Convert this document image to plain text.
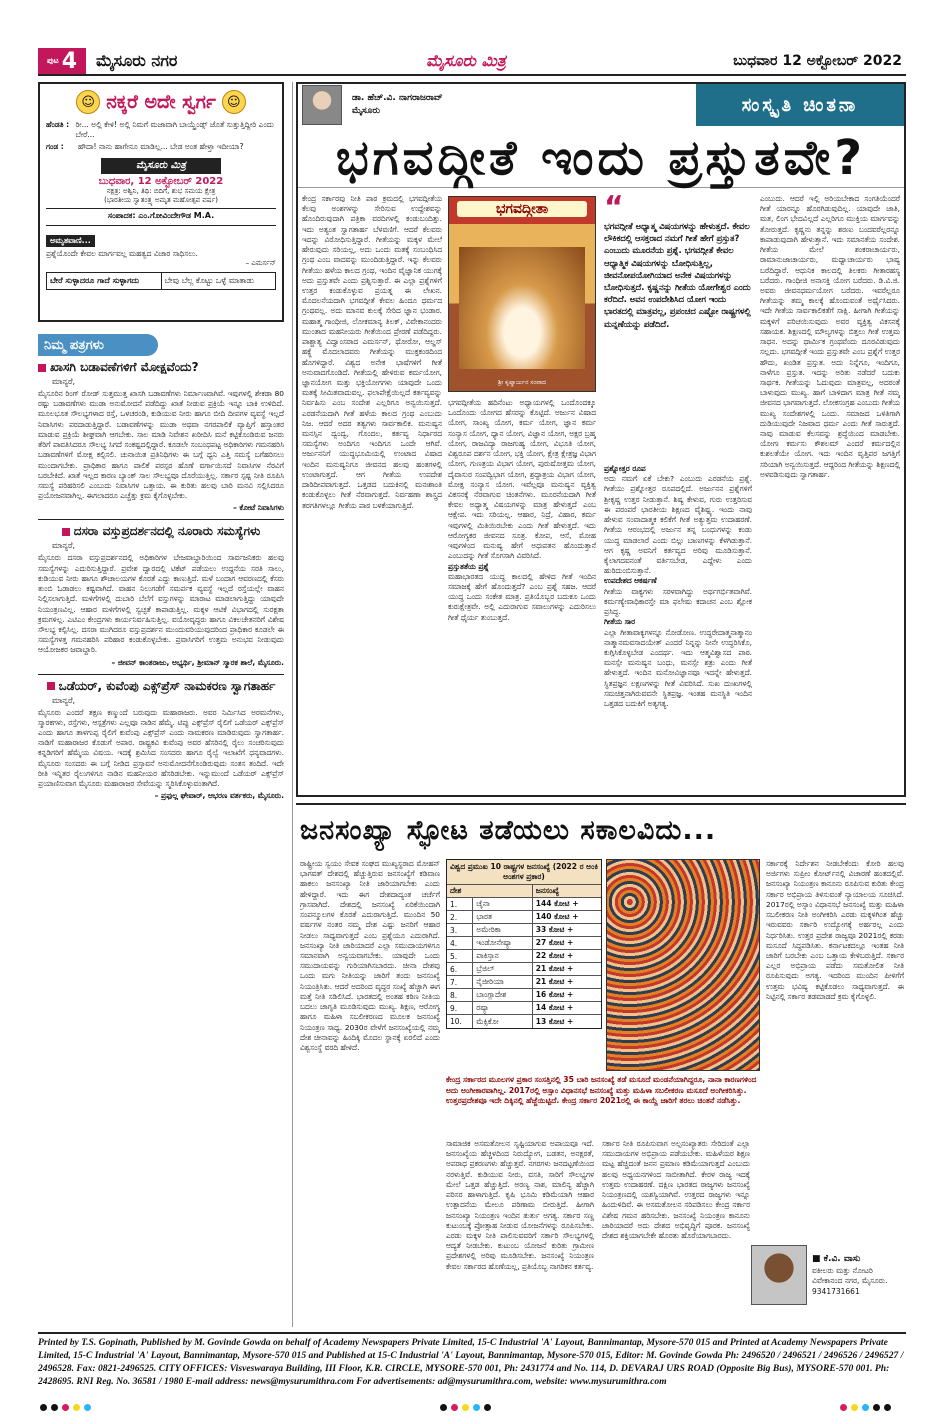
ಪುಟ 4 ಮೈಸೂರು ನಗರ	ಮೈಸೂರು ಮಿತ್ರ	ಬುಧವಾರ 12 ಅಕ್ಟೋಬರ್ 2022
☺ ನಕ್ಕರೆ ಅದೇ ಸ್ವರ್ಗ ☺
ಹೆಂಡತಿ : ರೀ... ಅಲ್ಲಿ ಕೇಳಿ! ಅಲ್ಲಿ ನಿಮಗೆ ಮಜಾವಾಗಿ ಬಾಯ್ಫ್ರೆಂಡ್ಸ್ ಜೊತೆ ಸುತ್ತುತ್ತಿದ್ದೀರಿ ಎಂದು ಬೇರೆ...
ಗಂಡ :	ಹೌದಾ! ನಾನು ಹಾಗೇನೂ ಮಾಡಿಲ್ಲ... ಬೇಡ ಅಂತ ಹೇಳ್ತಾ ಇದೀಯಾ?
ಮೈಸೂರು ಮಿತ್ರ
ಬುಧವಾರ, 12 ಅಕ್ಟೋಬರ್ 2022
ನಕ್ಷತ್ರ: ಅಶ್ವಿನಿ, ತಿಥಿ: ಬಿದಿಗೆ, ಶುಭ ಸಮಯ ಕ್ಷೇತ್ರ
(ಭಾರತೀಯ ಸ್ವಾತಂತ್ರ್ಯ ಅಮೃತ ಮಹೋತ್ಸವ ವರ್ಷ)
ಸಂಪಾದಕ: ಎಂ.ಗೋವಿಂದೇಗೌಡ M.A.
ಅಮೃತವಾಣಿ...
ಪ್ರಶ್ನೆಯೊಂದೇ ಕೇವಲ ಮಾರ್ಗವಲ್ಲ ಮಹತ್ವದ ವಿಚಾರ ಸಾಧಿಸಲು.
– ಎಮರ್ಸನ್
ಬೇರೆ ಸುಳ್ಳಾದರೂ ಗಾದೆ ಸುಳ್ಳಾಗದು	ಬೇವು ಬೆಲ್ಲ ಕೊಟ್ಟು ಒಳ್ಳೆ ಮಾತಾಡು
ನಿಮ್ಮ ಪತ್ರಗಳು
ಖಾಸಗಿ ಬಡಾವಣೆಗಳಿಗೆ ಮೋಕ್ಷವೆಂದು?
ಮಾನ್ಯರೆ,
ಮೈಸೂರಿನ ರಿಂಗ್ ರೋಡ್ ಸುತ್ತಮುತ್ತ ಖಾಸಗಿ ಬಡಾವಣೆಗಳು ನಿರ್ಮಾಣವಾಗಿವೆ. ಇವುಗಳಲ್ಲಿ ಶೇಕಡಾ 80 ರಷ್ಟು ಬಡಾವಣೆಗಳು ಮುಡಾ ಅನುಮೋದನೆ ಪಡೆದಿದ್ದು ಖಾತೆ ನೀಡುವ ಪ್ರಕ್ರಿಯೆ ಇನ್ನೂ ಬಾಕಿ ಉಳಿದಿದೆ. ಮೂಲಭೂತ ಸೌಲಭ್ಯಗಳಾದ ರಸ್ತೆ, ಒಳಚರಂಡಿ, ಕುಡಿಯುವ ನೀರು ಹಾಗೂ ಬೀದಿ ದೀಪಗಳ ವ್ಯವಸ್ಥೆ ಇಲ್ಲದೆ ನಿವಾಸಿಗಳು ಪರದಾಡುತ್ತಿದ್ದಾರೆ. ಬಡಾವಣೆಗಳನ್ನು ಮುಡಾ ಅಥವಾ ನಗರಪಾಲಿಕೆ ವ್ಯಾಪ್ತಿಗೆ ಹಸ್ತಾಂತರ ಮಾಡುವ ಪ್ರಕ್ರಿಯೆ ಶೀಘ್ರವಾಗಿ ಆಗಬೇಕು. ಸಾಲ ಮಾಡಿ ನಿವೇಶನ ಖರೀದಿಸಿ ಮನೆ ಕಟ್ಟಿಕೊಂಡಿರುವ ಜನರು ತೆರಿಗೆ ಪಾವತಿಸಿದರೂ ಸೌಲಭ್ಯ ಸಿಗದೆ ಸಂಕಷ್ಟದಲ್ಲಿದ್ದಾರೆ. ಕೂಡಲೇ ಸಂಬಂಧಪಟ್ಟ ಅಧಿಕಾರಿಗಳು ಗಮನಹರಿಸಿ ಬಡಾವಣೆಗಳಿಗೆ ಮೋಕ್ಷ ಕಲ್ಪಿಸಲಿ. ಚುನಾಯಿತ ಪ್ರತಿನಿಧಿಗಳು ಈ ಬಗ್ಗೆ ಧ್ವನಿ ಎತ್ತಿ ಸಮಸ್ಯೆ ಬಗೆಹರಿಸಲು ಮುಂದಾಗಬೇಕು. ಪ್ರಾಧಿಕಾರ ಹಾಗೂ ಪಾಲಿಕೆ ಪರಸ್ಪರ ಹೊಣೆ ವರ್ಗಾಯಿಸದೆ ನಿವಾಸಿಗಳ ನೆರವಿಗೆ ಬರಬೇಕಿದೆ. ಖಾತೆ ಇಲ್ಲದ ಕಾರಣ ಬ್ಯಾಂಕ್ ಸಾಲ ಸೌಲಭ್ಯವೂ ದೊರೆಯುತ್ತಿಲ್ಲ. ಸರ್ಕಾರ ಸ್ಪಷ್ಟ ನೀತಿ ರೂಪಿಸಿ ಸಮಸ್ಯೆ ಪರಿಹರಿಸಲಿ ಎಂಬುದು ನಿವಾಸಿಗಳ ಒತ್ತಾಯ. ಈ ಕುರಿತು ಹಲವು ಬಾರಿ ಮನವಿ ಸಲ್ಲಿಸಿದರೂ ಪ್ರಯೋಜನವಾಗಿಲ್ಲ. ಈಗಲಾದರೂ ಎಚ್ಚೆತ್ತು ಕ್ರಮ ಕೈಗೊಳ್ಳಬೇಕು.
– ಕೋಟೆ ನಿವಾಸಿಗಳು
ದಸರಾ ವಸ್ತುಪ್ರದರ್ಶನದಲ್ಲಿ ನೂರಾರು ಸಮಸ್ಯೆಗಳು
ಮಾನ್ಯರೆ,
ಮೈಸೂರು ದಸರಾ ವಸ್ತುಪ್ರದರ್ಶನದಲ್ಲಿ ಅಧಿಕಾರಿಗಳ ಬೇಜವಾಬ್ದಾರಿಯಿಂದ ಸಾರ್ವಜನಿಕರು ಹಲವು ಸಮಸ್ಯೆಗಳನ್ನು ಎದುರಿಸುತ್ತಿದ್ದಾರೆ. ಪ್ರವೇಶ ದ್ವಾರದಲ್ಲಿ ಟಿಕೆಟ್ ಪಡೆಯಲು ಉದ್ದನೆಯ ಸರತಿ ಸಾಲು, ಕುಡಿಯುವ ನೀರು ಹಾಗೂ ಶೌಚಾಲಯಗಳ ಕೊರತೆ ಎದ್ದು ಕಾಣುತ್ತಿದೆ. ಮಳೆ ಬಂದಾಗ ಆವರಣದಲ್ಲಿ ಕೆಸರು ತುಂಬಿ ಓಡಾಡಲು ಕಷ್ಟವಾಗಿದೆ. ವಾಹನ ನಿಲುಗಡೆಗೆ ಸಮರ್ಪಕ ವ್ಯವಸ್ಥೆ ಇಲ್ಲದೆ ರಸ್ತೆಯಲ್ಲೇ ವಾಹನ ನಿಲ್ಲಿಸಲಾಗುತ್ತಿದೆ. ಮಳಿಗೆಗಳಲ್ಲಿ ದುಬಾರಿ ಬೆಲೆಗೆ ವಸ್ತುಗಳನ್ನು ಮಾರಾಟ ಮಾಡಲಾಗುತ್ತಿದ್ದು ಯಾವುದೇ ನಿಯಂತ್ರಣವಿಲ್ಲ. ಆಹಾರ ಮಳಿಗೆಗಳಲ್ಲಿ ಸ್ವಚ್ಛತೆ ಕಾಪಾಡುತ್ತಿಲ್ಲ. ಮಕ್ಕಳ ಆಟಿಕೆ ವಿಭಾಗದಲ್ಲಿ ಸುರಕ್ಷತಾ ಕ್ರಮಗಳಿಲ್ಲ. ಎಟಿಎಂ ಕೇಂದ್ರಗಳು ಕಾರ್ಯನಿರ್ವಹಿಸುತ್ತಿಲ್ಲ. ವಯೋವೃದ್ಧರು ಹಾಗೂ ವಿಕಲಚೇತನರಿಗೆ ವಿಶೇಷ ಸೌಲಭ್ಯ ಕಲ್ಪಿಸಿಲ್ಲ. ದಸರಾ ಮುಗಿದರೂ ವಸ್ತುಪ್ರದರ್ಶನ ಮುಂದುವರಿಯುವುದರಿಂದ ಪ್ರಾಧಿಕಾರ ಕೂಡಲೇ ಈ ಸಮಸ್ಯೆಗಳತ್ತ ಗಮನಹರಿಸಿ ಪರಿಹಾರ ಕಂಡುಕೊಳ್ಳಬೇಕು. ಪ್ರವಾಸಿಗರಿಗೆ ಉತ್ತಮ ಅನುಭವ ನೀಡುವುದು ಆಯೋಜಕರ ಜವಾಬ್ದಾರಿ.
– ಜೀವನ್ ಕಾಂತರಾಜು, ಅಭ್ಯರ್ಥಿ, ಶ್ರೀಮಾನ್ ಸ್ಮಾರಕ ಶಾಲೆ, ಮೈಸೂರು.
ಒಡೆಯರ್, ಕುವೆಂಪು ಎಕ್ಸ್‌ಪ್ರೆಸ್ ನಾಮಕರಣ ಸ್ವಾಗತಾರ್ಹ
ಮಾನ್ಯರೆ,
ಮೈಸೂರು ಎಂದರೆ ತಕ್ಷಣ ಕಣ್ಮುಂದೆ ಬರುವುದು ಮಹಾರಾಜರು. ಅವರ ನಿರ್ಮಿಸಿದ ಅರಮನೆಗಳು, ಸ್ಮಾರಕಗಳು, ರಸ್ತೆಗಳು, ಆಸ್ಪತ್ರೆಗಳು ಎಲ್ಲವೂ ನಾಡಿನ ಹೆಮ್ಮೆ. ಟಿಪ್ಪು ಎಕ್ಸ್‌ಪ್ರೆಸ್ ರೈಲಿಗೆ ಒಡೆಯರ್ ಎಕ್ಸ್‌ಪ್ರೆಸ್ ಎಂದು ಹಾಗೂ ತಾಳಗುಪ್ಪ ರೈಲಿಗೆ ಕುವೆಂಪು ಎಕ್ಸ್‌ಪ್ರೆಸ್ ಎಂದು ನಾಮಕರಣ ಮಾಡಿರುವುದು ಸ್ವಾಗತಾರ್ಹ. ನಾಡಿಗೆ ಮಹಾರಾಜರ ಕೊಡುಗೆ ಅಪಾರ. ರಾಷ್ಟ್ರಕವಿ ಕುವೆಂಪು ಅವರ ಹೆಸರಿನಲ್ಲಿ ರೈಲು ಸಂಚರಿಸುವುದು ಕನ್ನಡಿಗರಿಗೆ ಹೆಮ್ಮೆಯ ವಿಷಯ. ಇದಕ್ಕೆ ಶ್ರಮಿಸಿದ ಸಂಸದರು ಹಾಗೂ ರೈಲ್ವೆ ಇಲಾಖೆಗೆ ಧನ್ಯವಾದಗಳು. ಮೈಸೂರು ಸಂಸದರು ಈ ಬಗ್ಗೆ ನೀಡಿದ ಪ್ರಸ್ತಾವನೆ ಅನುಮೋದನೆಗೊಂಡಿರುವುದು ಸಂತಸ ತಂದಿದೆ. ಇದೇ ರೀತಿ ಇನ್ನಿತರ ರೈಲುಗಳಿಗೂ ನಾಡಿನ ಮಹನೀಯರ ಹೆಸರಿಡಬೇಕು. ಇನ್ನುಮುಂದೆ ಒಡೆಯರ್ ಎಕ್ಸ್‌ಪ್ರೆಸ್ ಪ್ರಯಾಣಿಸುವಾಗ ಮೈಸೂರು ಮಹಾರಾಜರ ಸೇವೆಯನ್ನು ಸ್ಮರಿಸಿಕೊಳ್ಳುವಂತಾಗಿದೆ.
– ಪ್ರಫುಲ್ಲ ಘೇವಾರ್, ಆಭರಣ ವರ್ತಕರು, ಮೈಸೂರು.
ಡಾ. ಹೆಚ್.ವಿ. ನಾಗರಾಜರಾವ್
ಮೈಸೂರು	ಸಂಸ್ಕೃತಿ ಚಿಂತನಾ
ಭಗವದ್ಗೀತೆ ಇಂದು ಪ್ರಸ್ತುತವೇ?
ಕೇಂದ್ರ ಸರ್ಕಾರವು ನೀತಿ ಪಾಠ ಕ್ರಮದಲ್ಲಿ ಭಗವದ್ಗೀತೆಯ ಕೆಲವು ಅಂಶಗಳನ್ನು ಸೇರಿಸುವ ಉದ್ದೇಶವನ್ನು ಹೊಂದಿರುವುದಾಗಿ ಪತ್ರಿಕಾ ವರದಿಗಳಲ್ಲಿ ಕಂಡುಬಂದಿತ್ತು. ಇದು ಅತ್ಯಂತ ಸ್ವಾಗತಾರ್ಹ ಬೆಳವಣಿಗೆ. ಆದರೆ ಕೆಲವರು ಇದನ್ನು ವಿರೋಧಿಸುತ್ತಿದ್ದಾರೆ. ಗೀತೆಯನ್ನು ಮಕ್ಕಳ ಮೇಲೆ ಹೇರುವುದು ಸರಿಯಲ್ಲ, ಅದು ಒಂದು ಮತಕ್ಕೆ ಸಂಬಂಧಿಸಿದ ಗ್ರಂಥ ಎಂಬ ವಾದವನ್ನು ಮುಂದಿಡುತ್ತಿದ್ದಾರೆ. ಇನ್ನು ಕೆಲವರು ಗೀತೆಯು ಹಳೆಯ ಕಾಲದ ಗ್ರಂಥ, ಇಂದಿನ ವೈಜ್ಞಾನಿಕ ಯುಗಕ್ಕೆ ಅದು ಪ್ರಸ್ತುತವೇ ಎಂದು ಪ್ರಶ್ನಿಸುತ್ತಾರೆ. ಈ ಎಲ್ಲಾ ಪ್ರಶ್ನೆಗಳಿಗೆ ಉತ್ತರ ಕಂಡುಕೊಳ್ಳುವ ಪ್ರಯತ್ನ ಈ ಲೇಖನ. ಮೊದಲನೆಯದಾಗಿ ಭಗವದ್ಗೀತೆ ಕೇವಲ ಹಿಂದೂ ಧರ್ಮದ ಗ್ರಂಥವಲ್ಲ. ಅದು ಮಾನವ ಕುಲಕ್ಕೆ ಸೇರಿದ ಜ್ಞಾನ ಭಂಡಾರ. ಮಹಾತ್ಮ ಗಾಂಧೀಜಿ, ಲೋಕಮಾನ್ಯ ತಿಲಕ್, ವಿವೇಕಾನಂದರು ಮುಂತಾದ ಮಹನೀಯರು ಗೀತೆಯಿಂದ ಪ್ರೇರಣೆ ಪಡೆದಿದ್ದರು. ಪಾಶ್ಚಾತ್ಯ ವಿದ್ವಾಂಸರಾದ ಎಮರ್ಸನ್, ಥೋರೋ, ಆಲ್ಡಸ್ ಹಕ್ಸ್ಲೆ ಮೊದಲಾದವರು ಗೀತೆಯನ್ನು ಮುಕ್ತಕಂಠದಿಂದ ಹೊಗಳಿದ್ದಾರೆ. ವಿಶ್ವದ ಅನೇಕ ಭಾಷೆಗಳಿಗೆ ಗೀತೆ ಅನುವಾದಗೊಂಡಿದೆ. ಗೀತೆಯಲ್ಲಿ ಹೇಳಿರುವ ಕರ್ಮಯೋಗ, ಜ್ಞಾನಯೋಗ ಮತ್ತು ಭಕ್ತಿಯೋಗಗಳು ಯಾವುದೇ ಒಂದು ಮತಕ್ಕೆ ಸೀಮಿತವಾದುವಲ್ಲ. ಫಲಾಪೇಕ್ಷೆಯಿಲ್ಲದೆ ಕರ್ತವ್ಯವನ್ನು ನಿರ್ವಹಿಸು ಎಂಬ ಸಂದೇಶ ಎಲ್ಲರಿಗೂ ಅನ್ವಯಿಸುತ್ತದೆ. ಎರಡನೆಯದಾಗಿ ಗೀತೆ ಹಳೆಯ ಕಾಲದ ಗ್ರಂಥ ಎಂಬುದು ನಿಜ. ಆದರೆ ಅದರ ತತ್ವಗಳು ಸಾರ್ವಕಾಲಿಕ. ಮನುಷ್ಯನ ಮನಸ್ಸಿನ ದ್ವಂದ್ವ, ಗೊಂದಲ, ಕರ್ತವ್ಯ ನಿರ್ಧಾರದ ಸಮಸ್ಯೆಗಳು ಅಂದಿಗೂ ಇಂದಿಗೂ ಒಂದೇ ಆಗಿವೆ. ಅರ್ಜುನನಿಗೆ ಯುದ್ಧಭೂಮಿಯಲ್ಲಿ ಉಂಟಾದ ವಿಷಾದ ಇಂದಿನ ಮನುಷ್ಯನಿಗೂ ಜೀವನದ ಹಲವು ಹಂತಗಳಲ್ಲಿ ಉಂಟಾಗುತ್ತದೆ. ಆಗ ಗೀತೆಯ ಉಪದೇಶ ದಾರಿದೀಪವಾಗುತ್ತದೆ. ಒತ್ತಡದ ಬದುಕಿನಲ್ಲಿ ಮನಃಶಾಂತಿ ಕಂಡುಕೊಳ್ಳಲು ಗೀತೆ ನೆರವಾಗುತ್ತದೆ. ನಿರ್ವಹಣಾ ಶಾಸ್ತ್ರದ ತರಗತಿಗಳಲ್ಲೂ ಗೀತೆಯ ಪಾಠ ಬಳಕೆಯಾಗುತ್ತಿದೆ.
ಭಗವದ್ಗೀತಾ
ಶ್ರೀ ಕೃಷ್ಣಾರ್ಜುನ ಸಂವಾದ
ಭಗವದ್ಗೀತೆಯ ಹದಿನೆಂಟು ಅಧ್ಯಾಯಗಳಲ್ಲಿ ಒಂದೊಂದಕ್ಕೂ ಒಂದೊಂದು ಯೋಗದ ಹೆಸರನ್ನು ಕೊಟ್ಟಿದೆ. ಅರ್ಜುನ ವಿಷಾದ ಯೋಗ, ಸಾಂಖ್ಯ ಯೋಗ, ಕರ್ಮ ಯೋಗ, ಜ್ಞಾನ ಕರ್ಮ ಸಂನ್ಯಾಸ ಯೋಗ, ಧ್ಯಾನ ಯೋಗ, ವಿಜ್ಞಾನ ಯೋಗ, ಅಕ್ಷರ ಬ್ರಹ್ಮ ಯೋಗ, ರಾಜವಿದ್ಯಾ ರಾಜಗುಹ್ಯ ಯೋಗ, ವಿಭೂತಿ ಯೋಗ, ವಿಶ್ವರೂಪ ದರ್ಶನ ಯೋಗ, ಭಕ್ತಿ ಯೋಗ, ಕ್ಷೇತ್ರ ಕ್ಷೇತ್ರಜ್ಞ ವಿಭಾಗ ಯೋಗ, ಗುಣತ್ರಯ ವಿಭಾಗ ಯೋಗ, ಪುರುಷೋತ್ತಮ ಯೋಗ, ದೈವಾಸುರ ಸಂಪದ್ವಿಭಾಗ ಯೋಗ, ಶ್ರದ್ಧಾತ್ರಯ ವಿಭಾಗ ಯೋಗ, ಮೋಕ್ಷ ಸಂನ್ಯಾಸ ಯೋಗ. ಇವೆಲ್ಲವೂ ಮನುಷ್ಯನ ವ್ಯಕ್ತಿತ್ವ ವಿಕಸನಕ್ಕೆ ನೆರವಾಗುವ ಚಿಂತನೆಗಳು. ಮೂರನೆಯದಾಗಿ ಗೀತೆ ಕೇವಲ ಅಧ್ಯಾತ್ಮ ವಿಷಯಗಳನ್ನು ಮಾತ್ರ ಹೇಳುತ್ತದೆ ಎಂಬ ಆಕ್ಷೇಪ. ಇದು ಸರಿಯಲ್ಲ. ಆಹಾರ, ನಿದ್ರೆ, ವಿಹಾರ, ಕರ್ಮ ಇವುಗಳಲ್ಲಿ ಮಿತಿಯಿರಬೇಕು ಎಂದು ಗೀತೆ ಹೇಳುತ್ತದೆ. ಇದು ಆರೋಗ್ಯಕರ ಜೀವನದ ಸೂತ್ರ. ಕೋಪ, ಆಸೆ, ಮೋಹ ಇವುಗಳಿಂದ ಮನುಷ್ಯ ಹೇಗೆ ಅಧಃಪತನ ಹೊಂದುತ್ತಾನೆ ಎಂಬುದನ್ನು ಗೀತೆ ಸೊಗಸಾಗಿ ವಿವರಿಸಿದೆ.
ಪ್ರಸ್ತುತತೆಯ ಪ್ರಶ್ನೆ
ಮಹಾಭಾರತದ ಯುದ್ಧ ಕಾಲದಲ್ಲಿ ಹೇಳಿದ ಗೀತೆ ಇಂದಿನ ಸಮಾಜಕ್ಕೆ ಹೇಗೆ ಹೊಂದುತ್ತದೆ? ಎಂಬ ಪ್ರಶ್ನೆ ಸಹಜ. ಆದರೆ ಯುದ್ಧ ಒಂದು ಸಂಕೇತ ಮಾತ್ರ. ಪ್ರತಿಯೊಬ್ಬರ ಬದುಕೂ ಒಂದು ಕುರುಕ್ಷೇತ್ರವೇ. ಅಲ್ಲಿ ಎದುರಾಗುವ ಸವಾಲುಗಳನ್ನು ಎದುರಿಸಲು ಗೀತೆ ಧೈರ್ಯ ತುಂಬುತ್ತದೆ.
“
ಭಗವದ್ಗೀತೆ ಅಧ್ಯಾತ್ಮ ವಿಷಯಗಳನ್ನು ಹೇಳುತ್ತದೆ. ಕೇವಲ ಲೌಕಿಕದಲ್ಲಿ ಆಸಕ್ತರಾದ ನಮಗೆ ಗೀತೆ ಹೇಗೆ ಪ್ರಸ್ತುತ? ಎಂಬುದು ಮೂರನೆಯ ಪ್ರಶ್ನೆ. ಭಗವದ್ಗೀತೆ ಕೇವಲ ಆಧ್ಯಾತ್ಮಿಕ ವಿಷಯಗಳನ್ನು ಬೋಧಿಸುತ್ತಿಲ್ಲ, ಜೀವನೋಪಯೋಗಿಯಾದ ಅನೇಕ ವಿಷಯಗಳನ್ನು ಬೋಧಿಸುತ್ತದೆ. ಕೃಷ್ಣನನ್ನು ಗೀತೆಯ ಯೋಗೇಶ್ವರ ಎಂದು ಕರೆದಿದೆ. ಅವನ ಉಪದೇಶಿಸಿದ ಯೋಗ ಇಂದು ಭಾರತದಲ್ಲಿ ಮಾತ್ರವಲ್ಲ, ಪ್ರಪಂಚದ ಎಷ್ಟೋ ರಾಷ್ಟ್ರಗಳಲ್ಲಿ ಮನ್ನಣೆಯನ್ನು ಪಡೆದಿದೆ.
ಪ್ರಶ್ನೋತ್ತರ ರೂಪ
ಅದು ನಮಗೆ ಏಕೆ ಬೇಕು? ಎಂಬುದು ಎರಡನೆಯ ಪ್ರಶ್ನೆ. ಗೀತೆಯು ಪ್ರಶ್ನೋತ್ತರ ರೂಪದಲ್ಲಿದೆ. ಅರ್ಜುನನ ಪ್ರಶ್ನೆಗಳಿಗೆ ಶ್ರೀಕೃಷ್ಣ ಉತ್ತರ ನೀಡುತ್ತಾನೆ. ಶಿಷ್ಯ ಕೇಳುವ, ಗುರು ಉತ್ತರಿಸುವ ಈ ಪರಂಪರೆ ಭಾರತೀಯ ಶಿಕ್ಷಣದ ವೈಶಿಷ್ಟ್ಯ. ಇಂದು ನಾವು ಹೇಳುವ ಸಂವಾದಾತ್ಮಕ ಕಲಿಕೆಗೆ ಗೀತೆ ಅತ್ಯುತ್ತಮ ಉದಾಹರಣೆ. ಗೀತೆಯ ಆರಂಭದಲ್ಲಿ ಅರ್ಜುನ ತನ್ನ ಬಂಧುಗಳನ್ನು ಕಂಡು ಯುದ್ಧ ಮಾಡಲಾರೆ ಎಂದು ಬಿಲ್ಲು ಬಾಣಗಳನ್ನು ಕೆಳಗಿಡುತ್ತಾನೆ. ಆಗ ಕೃಷ್ಣ ಅವನಿಗೆ ಕರ್ತವ್ಯದ ಅರಿವು ಮೂಡಿಸುತ್ತಾನೆ. ಕೈಲಾಗದವನಂತೆ ವರ್ತಿಸಬೇಡ, ಎದ್ದೇಳು ಎಂದು ಹುರಿದುಂಬಿಸುತ್ತಾನೆ.
ಉಪದೇಶದ ಆಕರ್ಷಣೆ
ಗೀತೆಯ ವಾಕ್ಯಗಳು ಸರಳವಾಗಿದ್ದು ಅರ್ಥಗರ್ಭಿತವಾಗಿವೆ. ಕರ್ಮಣ್ಯೇವಾಧಿಕಾರಸ್ತೇ ಮಾ ಫಲೇಷು ಕದಾಚನ ಎಂಬ ಶ್ಲೋಕ ಪ್ರಸಿದ್ಧ.
ಗೀತೆಯ ಸಾರ
ಎಲ್ಲಾ ಗೀತಾವಾಕ್ಯಗಳನ್ನೂ ನೋಡೋಣ. ಉದ್ಧರೇದಾತ್ಮನಾತ್ಮಾನಂ ನಾತ್ಮಾನಮವಸಾದಯೇತ್ ಎಂದರೆ ನಿನ್ನನ್ನು ನೀನೇ ಉದ್ಧರಿಸಿಕೊ, ಕುಗ್ಗಿಸಿಕೊಳ್ಳಬೇಡ ಎಂದರ್ಥ. ಇದು ಆತ್ಮವಿಶ್ವಾಸದ ಪಾಠ. ಮನಸ್ಸೇ ಮನುಷ್ಯನ ಬಂಧು, ಮನಸ್ಸೇ ಶತ್ರು ಎಂದು ಗೀತೆ ಹೇಳುತ್ತದೆ. ಇಂದಿನ ಮನೋವಿಜ್ಞಾನವೂ ಇದನ್ನೇ ಹೇಳುತ್ತದೆ. ಸ್ಥಿತಪ್ರಜ್ಞನ ಲಕ್ಷಣಗಳನ್ನು ಗೀತೆ ವಿವರಿಸಿದೆ. ಸುಖ ದುಃಖಗಳಲ್ಲಿ ಸಮಚಿತ್ತನಾಗಿರುವವನೇ ಸ್ಥಿತಪ್ರಜ್ಞ. ಇಂತಹ ಮನಸ್ಥಿತಿ ಇಂದಿನ ಒತ್ತಡದ ಬದುಕಿಗೆ ಅತ್ಯಗತ್ಯ.
ಎಂಬುದು. ಆದರೆ ಇಲ್ಲಿ ಅರಿಯಬೇಕಾದ ಸಂಗತಿಯೆಂದರೆ ಗೀತೆ ಯಾರನ್ನೂ ಹೊರಗಿಡುವುದಿಲ್ಲ. ಯಾವುದೇ ಜಾತಿ, ಮತ, ಲಿಂಗ ಭೇದವಿಲ್ಲದೆ ಎಲ್ಲರಿಗೂ ಮುಕ್ತಿಯ ಮಾರ್ಗವನ್ನು ತೋರುತ್ತದೆ. ಕೃಷ್ಣನು ತನ್ನನ್ನು ಶರಣು ಬಂದವರೆಲ್ಲರನ್ನೂ ಕಾಪಾಡುವುದಾಗಿ ಹೇಳುತ್ತಾನೆ. ಇದು ಸಮಾನತೆಯ ಸಂದೇಶ. ಗೀತೆಯ ಮೇಲೆ ಶಂಕರಾಚಾರ್ಯರು, ರಾಮಾನುಜಾಚಾರ್ಯರು, ಮಧ್ವಾಚಾರ್ಯರು ಭಾಷ್ಯ ಬರೆದಿದ್ದಾರೆ. ಆಧುನಿಕ ಕಾಲದಲ್ಲಿ ತಿಲಕರು ಗೀತಾರಹಸ್ಯ ಬರೆದರು. ಗಾಂಧೀಜಿ ಅನಾಸಕ್ತಿ ಯೋಗ ಬರೆದರು. ಡಿ.ವಿ.ಜಿ. ಅವರು ಜೀವನಧರ್ಮಯೋಗ ಬರೆದರು. ಇವರೆಲ್ಲರೂ ಗೀತೆಯನ್ನು ತಮ್ಮ ಕಾಲಕ್ಕೆ ಹೊಂದುವಂತೆ ಅರ್ಥೈಸಿದರು. ಇದೇ ಗೀತೆಯ ಸಾರ್ವಕಾಲಿಕತೆಗೆ ಸಾಕ್ಷಿ. ಹೀಗಾಗಿ ಗೀತೆಯನ್ನು ಮಕ್ಕಳಿಗೆ ಪರಿಚಯಿಸುವುದು ಅವರ ವ್ಯಕ್ತಿತ್ವ ವಿಕಸನಕ್ಕೆ ಸಹಾಯಕ. ಶಿಕ್ಷಣದಲ್ಲಿ ಮೌಲ್ಯಗಳನ್ನು ಬಿತ್ತಲು ಗೀತೆ ಉತ್ತಮ ಸಾಧನ. ಅದನ್ನು ಧಾರ್ಮಿಕ ಗ್ರಂಥವೆಂದು ದೂರವಿಡುವುದು ಸಲ್ಲದು. ಭಗವದ್ಗೀತೆ ಇಂದು ಪ್ರಸ್ತುತವೇ ಎಂಬ ಪ್ರಶ್ನೆಗೆ ಉತ್ತರ ಹೌದು, ಖಂಡಿತ ಪ್ರಸ್ತುತ. ಅದು ನಿನ್ನೆಗೂ, ಇಂದಿಗೂ, ನಾಳೆಗೂ ಪ್ರಸ್ತುತ. ಇದನ್ನು ಅರಿತು ನಡೆದರೆ ಬದುಕು ಸಾರ್ಥಕ. ಗೀತೆಯನ್ನು ಓದುವುದು ಮಾತ್ರವಲ್ಲ, ಅದರಂತೆ ಬಾಳುವುದು ಮುಖ್ಯ. ಹಾಗೆ ಬಾಳಿದಾಗ ಮಾತ್ರ ಗೀತೆ ನಮ್ಮ ಜೀವನದ ಭಾಗವಾಗುತ್ತದೆ. ಲೋಕಸಂಗ್ರಹ ಎಂಬುದು ಗೀತೆಯ ಮುಖ್ಯ ಸಂದೇಶಗಳಲ್ಲಿ ಒಂದು. ಸಮಾಜದ ಒಳಿತಿಗಾಗಿ ದುಡಿಯುವುದೇ ನಿಜವಾದ ಧರ್ಮ ಎಂದು ಗೀತೆ ಸಾರುತ್ತದೆ. ನಾವು ಮಾಡುವ ಕೆಲಸವನ್ನು ಶ್ರದ್ಧೆಯಿಂದ ಮಾಡಬೇಕು. ಯೋಗಃ ಕರ್ಮಸು ಕೌಶಲಮ್ ಎಂದರೆ ಕರ್ಮದಲ್ಲಿನ ಕುಶಲತೆಯೇ ಯೋಗ. ಇದು ಇಂದಿನ ವೃತ್ತಿಪರ ಜಗತ್ತಿಗೆ ಸರಿಯಾಗಿ ಅನ್ವಯಿಸುತ್ತದೆ. ಆದ್ದರಿಂದ ಗೀತೆಯನ್ನು ಶಿಕ್ಷಣದಲ್ಲಿ ಅಳವಡಿಸುವುದು ಸ್ವಾಗತಾರ್ಹ.
ಜನಸಂಖ್ಯಾ ಸ್ಫೋಟ ತಡೆಯಲು ಸಕಾಲವಿದು...
ರಾಷ್ಟ್ರೀಯ ಸ್ವಯಂ ಸೇವಕ ಸಂಘದ ಮುಖ್ಯಸ್ಥರಾದ ಮೋಹನ್ ಭಾಗವತ್ ದೇಶದಲ್ಲಿ ಹೆಚ್ಚುತ್ತಿರುವ ಜನಸಂಖ್ಯೆಗೆ ಕಡಿವಾಣ ಹಾಕಲು ಜನಸಂಖ್ಯಾ ನೀತಿ ಜಾರಿಯಾಗಬೇಕು ಎಂದು ಹೇಳಿದ್ದಾರೆ. ಇದು ಈಗ ದೇಶದಾದ್ಯಂತ ಚರ್ಚೆಗೆ ಗ್ರಾಸವಾಗಿದೆ. ದೇಶದಲ್ಲಿ ಜನಸಂಖ್ಯೆ ಏರಿಕೆಯಿಂದಾಗಿ ಸಂಪನ್ಮೂಲಗಳ ಕೊರತೆ ಎದುರಾಗುತ್ತಿದೆ. ಮುಂದಿನ 50 ವರ್ಷಗಳ ನಂತರ ನಮ್ಮ ದೇಶ ಎಷ್ಟು ಜನರಿಗೆ ಆಹಾರ ನೀಡಲು ಸಾಧ್ಯವಾಗುತ್ತದೆ ಎಂಬ ಪ್ರಶ್ನೆಯೂ ಎದುರಾಗಿದೆ. ಜನಸಂಖ್ಯಾ ನೀತಿ ಜಾರಿಯಾದರೆ ಎಲ್ಲಾ ಸಮುದಾಯಗಳಿಗೂ ಸಮಾನವಾಗಿ ಅನ್ವಯವಾಗಬೇಕು. ಯಾವುದೇ ಒಂದು ಸಮುದಾಯವನ್ನು ಗುರಿಯಾಗಿಸಬಾರದು. ಚೀನಾ ದೇಶವು ಒಂದು ಮಗು ನೀತಿಯನ್ನು ಜಾರಿಗೆ ತಂದು ಜನಸಂಖ್ಯೆ ನಿಯಂತ್ರಿಸಿತು. ಆದರೆ ಅದರಿಂದ ವೃದ್ಧರ ಸಂಖ್ಯೆ ಹೆಚ್ಚಾಗಿ ಈಗ ಮತ್ತೆ ನೀತಿ ಸಡಿಲಿಸಿದೆ. ಭಾರತದಲ್ಲಿ ಅಂತಹ ಕಠಿಣ ನೀತಿಯ ಬದಲು ಜಾಗೃತಿ ಮೂಡಿಸುವುದು ಮುಖ್ಯ. ಶಿಕ್ಷಣ, ಆರೋಗ್ಯ ಹಾಗೂ ಮಹಿಳಾ ಸಬಲೀಕರಣದ ಮೂಲಕ ಜನಸಂಖ್ಯೆ ನಿಯಂತ್ರಣ ಸಾಧ್ಯ. 2030ರ ವೇಳೆಗೆ ಜನಸಂಖ್ಯೆಯಲ್ಲಿ ನಮ್ಮ ದೇಶ ಚೀನಾವನ್ನು ಹಿಂದಿಕ್ಕಿ ಮೊದಲ ಸ್ಥಾನಕ್ಕೆ ಏರಲಿದೆ ಎಂದು ವಿಶ್ವಸಂಸ್ಥೆ ವರದಿ ಹೇಳಿದೆ.
ವಿಶ್ವದ ಪ್ರಮುಖ 10 ರಾಷ್ಟ್ರಗಳ ಜನಸಂಖ್ಯೆ (2022 ರ ಅಂಕಿ ಅಂಶಗಳ ಪ್ರಕಾರ)
ದೇಶ		ಜನಸಂಖ್ಯೆ
1.	ಚೈನಾ	144 ಕೋಟಿ +
2.	ಭಾರತ	140 ಕೋಟಿ +
3.	ಅಮೇರಿಕಾ	33 ಕೋಟಿ +
4.	ಇಂಡೋನೇಷ್ಯಾ	27 ಕೋಟಿ +
5.	ಪಾಕಿಸ್ತಾನ	22 ಕೋಟಿ +
6.	ಬ್ರೆಜಿಲ್	21 ಕೋಟಿ +
7.	ನೈಜೀರಿಯಾ	21 ಕೋಟಿ +
8.	ಬಾಂಗ್ಲಾದೇಶ	16 ಕೋಟಿ +
9.	ರಷ್ಯಾ	14 ಕೋಟಿ +
10.	ಮೆಕ್ಸಿಕೋ	13 ಕೋಟಿ +
ಕೇಂದ್ರ ಸರ್ಕಾರದ ಮೂಲಗಳ ಪ್ರಕಾರ ಸಂಸತ್ತಿನಲ್ಲಿ 35 ಬಾರಿ ಜನಸಂಖ್ಯೆ ತಡೆ ಮಸೂದೆ ಮಂಡನೆಯಾಗಿದ್ದರೂ, ನಾನಾ ಕಾರಣಗಳಿಂದ ಅದು ಅಂಗೀಕಾರವಾಗಿಲ್ಲ. 2017ರಲ್ಲಿ ಅಸ್ಸಾಂ ವಿಧಾನಸಭೆ ಜನಸಂಖ್ಯೆ ಮತ್ತು ಮಹಿಳಾ ಸಬಲೀಕರಣ ಮಸೂದೆ ಅಂಗೀಕರಿಸಿತ್ತು. ಉತ್ತರಪ್ರದೇಶವೂ ಇದೇ ದಿಕ್ಕಿನಲ್ಲಿ ಹೆಜ್ಜೆಯಿಟ್ಟಿದೆ. ಕೇಂದ್ರ ಸರ್ಕಾರ 2021ರಲ್ಲಿ ಈ ಕಾಯ್ದೆ ಜಾರಿಗೆ ತರಲು ಚಿಂತನೆ ನಡೆಸಿತ್ತು.
ಸಾಮಾಜಿಕ ಅಸಮತೋಲನ ಸೃಷ್ಟಿಯಾಗುವ ಅಪಾಯವೂ ಇದೆ. ಜನಸಂಖ್ಯೆಯ ಹೆಚ್ಚಳದಿಂದ ನಿರುದ್ಯೋಗ, ಬಡತನ, ಅನಕ್ಷರತೆ, ಅಪರಾಧ ಪ್ರಕರಣಗಳು ಹೆಚ್ಚುತ್ತವೆ. ನಗರಗಳು ಜನದಟ್ಟಣೆಯಿಂದ ನರಳುತ್ತಿವೆ. ಕುಡಿಯುವ ನೀರು, ವಸತಿ, ಸಾರಿಗೆ ಸೌಲಭ್ಯಗಳ ಮೇಲೆ ಒತ್ತಡ ಹೆಚ್ಚುತ್ತಿದೆ. ಅರಣ್ಯ ನಾಶ, ಮಾಲಿನ್ಯ ಹೆಚ್ಚಾಗಿ ಪರಿಸರ ಹಾಳಾಗುತ್ತಿದೆ. ಕೃಷಿ ಭೂಮಿ ಕಡಿಮೆಯಾಗಿ ಆಹಾರ ಉತ್ಪಾದನೆಯ ಮೇಲೂ ಪರಿಣಾಮ ಬೀರುತ್ತಿದೆ. ಹೀಗಾಗಿ ಜನಸಂಖ್ಯಾ ನಿಯಂತ್ರಣ ಇಂದಿನ ತುರ್ತು ಅಗತ್ಯ. ಸರ್ಕಾರ ಸಣ್ಣ ಕುಟುಂಬಕ್ಕೆ ಪ್ರೋತ್ಸಾಹ ನೀಡುವ ಯೋಜನೆಗಳನ್ನು ರೂಪಿಸಬೇಕು. ಎರಡು ಮಕ್ಕಳ ನೀತಿ ಪಾಲಿಸುವವರಿಗೆ ಸರ್ಕಾರಿ ಸೌಲಭ್ಯಗಳಲ್ಲಿ ಆದ್ಯತೆ ನೀಡಬೇಕು. ಕುಟುಂಬ ಯೋಜನೆ ಕುರಿತು ಗ್ರಾಮೀಣ ಪ್ರದೇಶಗಳಲ್ಲಿ ಅರಿವು ಮೂಡಿಸಬೇಕು. ಜನಸಂಖ್ಯೆ ನಿಯಂತ್ರಣ ಕೇವಲ ಸರ್ಕಾರದ ಹೊಣೆಯಲ್ಲ, ಪ್ರತಿಯೊಬ್ಬ ನಾಗರಿಕನ ಕರ್ತವ್ಯ.
ಸರ್ಕಾರ ನೀತಿ ರೂಪಿಸುವಾಗ ಅಲ್ಪಸಂಖ್ಯಾತರು ಸೇರಿದಂತೆ ಎಲ್ಲಾ ಸಮುದಾಯಗಳ ಅಭಿಪ್ರಾಯ ಪಡೆಯಬೇಕು. ಮಹಿಳೆಯರ ಶಿಕ್ಷಣ ಮಟ್ಟ ಹೆಚ್ಚಿದಂತೆ ಜನನ ಪ್ರಮಾಣ ಕಡಿಮೆಯಾಗುತ್ತದೆ ಎಂಬುದು ಹಲವು ಅಧ್ಯಯನಗಳಿಂದ ಸಾಬೀತಾಗಿದೆ. ಕೇರಳ ರಾಜ್ಯ ಇದಕ್ಕೆ ಉತ್ತಮ ಉದಾಹರಣೆ. ದಕ್ಷಿಣ ಭಾರತದ ರಾಜ್ಯಗಳು ಜನಸಂಖ್ಯೆ ನಿಯಂತ್ರಣದಲ್ಲಿ ಯಶಸ್ವಿಯಾಗಿವೆ. ಉತ್ತರದ ರಾಜ್ಯಗಳು ಇನ್ನೂ ಹಿಂದುಳಿದಿವೆ. ಈ ಅಸಮತೋಲನ ಸರಿಪಡಿಸಲು ಕೇಂದ್ರ ಸರ್ಕಾರ ವಿಶೇಷ ಗಮನ ಹರಿಸಬೇಕು. ಜನಸಂಖ್ಯೆ ನಿಯಂತ್ರಣ ಕಾನೂನು ಜಾರಿಯಾದರೆ ಅದು ದೇಶದ ಅಭಿವೃದ್ಧಿಗೆ ಪೂರಕ. ಜನಸಂಖ್ಯೆ ದೇಶದ ಶಕ್ತಿಯಾಗಬೇಕೇ ಹೊರತು ಹೊರೆಯಾಗಬಾರದು.
ಸರ್ಕಾರಕ್ಕೆ ನಿರ್ದೇಶನ ನೀಡಬೇಕೆಂದು ಕೋರಿ ಹಲವು ಅರ್ಜಿಗಳು ಸುಪ್ರೀಂ ಕೋರ್ಟ್‌ನಲ್ಲಿ ವಿಚಾರಣೆ ಹಂತದಲ್ಲಿವೆ. ಜನಸಂಖ್ಯಾ ನಿಯಂತ್ರಣ ಕಾನೂನು ರೂಪಿಸುವ ಕುರಿತು ಕೇಂದ್ರ ಸರ್ಕಾರ ಅಭಿಪ್ರಾಯ ತಿಳಿಸುವಂತೆ ನ್ಯಾಯಾಲಯ ಸೂಚಿಸಿದೆ. 2017ರಲ್ಲಿ ಅಸ್ಸಾಂ ವಿಧಾನಸಭೆ ಜನಸಂಖ್ಯೆ ಮತ್ತು ಮಹಿಳಾ ಸಬಲೀಕರಣ ನೀತಿ ಅಂಗೀಕರಿಸಿ ಎರಡು ಮಕ್ಕಳಿಗಿಂತ ಹೆಚ್ಚು ಇರುವವರು ಸರ್ಕಾರಿ ಉದ್ಯೋಗಕ್ಕೆ ಅರ್ಹರಲ್ಲ ಎಂದು ನಿರ್ಧರಿಸಿತು. ಉತ್ತರ ಪ್ರದೇಶ ರಾಜ್ಯವೂ 2021ರಲ್ಲಿ ಕರಡು ಮಸೂದೆ ಸಿದ್ಧಪಡಿಸಿತು. ಕರ್ನಾಟಕದಲ್ಲೂ ಇಂತಹ ನೀತಿ ಜಾರಿಗೆ ಬರಬೇಕು ಎಂಬ ಒತ್ತಾಯ ಕೇಳಿಬರುತ್ತಿದೆ. ಸರ್ಕಾರ ಎಲ್ಲರ ಅಭಿಪ್ರಾಯ ಪಡೆದು ಸಮತೋಲಿತ ನೀತಿ ರೂಪಿಸುವುದು ಅಗತ್ಯ. ಇದರಿಂದ ಮುಂದಿನ ಪೀಳಿಗೆಗೆ ಉತ್ತಮ ಭವಿಷ್ಯ ಕಟ್ಟಿಕೊಡಲು ಸಾಧ್ಯವಾಗುತ್ತದೆ. ಈ ನಿಟ್ಟಿನಲ್ಲಿ ಸರ್ಕಾರ ತಡಮಾಡದೆ ಕ್ರಮ ಕೈಗೊಳ್ಳಲಿ.
■ ಕೆ.ವಿ. ವಾಸು
ವಕೀಲರು ಮತ್ತು ನೋಟರಿ
ವಿವೇಕಾನಂದ ನಗರ, ಮೈಸೂರು. 9341731661
Printed by T.S. Gopinath, Published by M. Govinde Gowda on behalf of Academy Newspapers Private Limited, 15-C Industrial 'A' Layout, Bannimantap, Mysore-570 015 and Printed at Academy Newspapers Private Limited, 15-C Industrial 'A' Layout, Bannimantap, Mysore-570 015 and Published at 15-C Industrial 'A' Layout, Bannimantap, Mysore-570 015, Editor: M. Govinde Gowda Ph: 2496520 / 2496521 / 2496526 / 2496527 / 2496528. Fax: 0821-2496525. CITY OFFICES: Visveswaraya Building, III Floor, K.R. CIRCLE, MYSORE-570 001, Ph: 2431774 and No. 114, D. DEVARAJ URS ROAD (Opposite Big Bus), MYSORE-570 001. Ph: 2428695. RNI Reg. No. 36581 / 1980 E-mail address: news@mysurumithra.com For advertisements: ad@mysurumithra.com, website: www.mysurumithra.com
